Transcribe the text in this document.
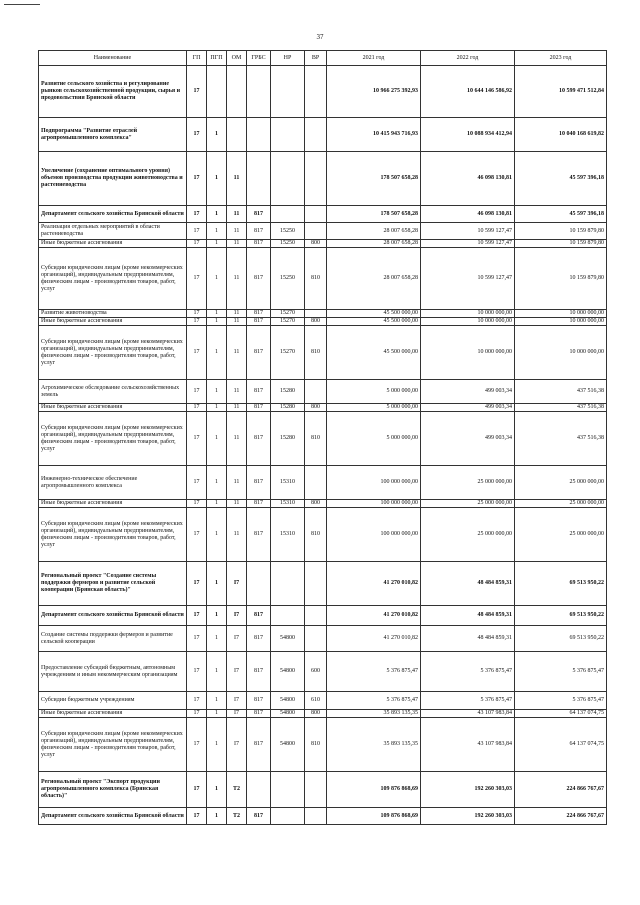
37
Наименование	ГП	ПГП	ОМ	ГРБС	НР	ВР	2021 год	2022 год	2023 год
Развитие сельского хозяйства и регулирование рынков сельскохозяйственной продукции, сырья и продовольствия Брянской области	17						10 966 275 392,93	10 644 146 586,92	10 599 471 512,84
Подпрограмма "Развитие отраслей агропромышленного комплекса"	17	1					10 415 943 716,93	10 088 934 412,94	10 040 168 619,82
Увеличение (сохранение оптимального уровня) объемов производства продукции животноводства и растениеводства	17	1	11				178 507 658,28	46 098 130,81	45 597 396,18
Департамент сельского хозяйства Брянской области	17	1	11	817			178 507 658,28	46 098 130,81	45 597 396,18
Реализация отдельных мероприятий в области растениеводства	17	1	11	817	15250		28 007 658,28	10 599 127,47	10 159 879,80
Иные бюджетные ассигнования	17	1	11	817	15250	800	28 007 658,28	10 599 127,47	10 159 879,80
Субсидии юридическим лицам (кроме некоммерческих организаций), индивидуальным предпринимателям, физическим лицам - производителям товаров, работ, услуг	17	1	11	817	15250	810	28 007 658,28	10 599 127,47	10 159 879,80
Развитие животноводства	17	1	11	817	15270		45 500 000,00	10 000 000,00	10 000 000,00
Иные бюджетные ассигнования	17	1	11	817	15270	800	45 500 000,00	10 000 000,00	10 000 000,00
Субсидии юридическим лицам (кроме некоммерческих организаций), индивидуальным предпринимателям, физическим лицам - производителям товаров, работ, услуг	17	1	11	817	15270	810	45 500 000,00	10 000 000,00	10 000 000,00
Агрохимическое обследование сельскохозяйственных земель	17	1	11	817	15280		5 000 000,00	499 003,34	437 516,38
Иные бюджетные ассигнования	17	1	11	817	15280	800	5 000 000,00	499 003,34	437 516,38
Субсидии юридическим лицам (кроме некоммерческих организаций), индивидуальным предпринимателям, физическим лицам - производителям товаров, работ, услуг	17	1	11	817	15280	810	5 000 000,00	499 003,34	437 516,38
Инженерно-техническое обеспечение агропромышленного комплекса	17	1	11	817	15310		100 000 000,00	25 000 000,00	25 000 000,00
Иные бюджетные ассигнования	17	1	11	817	15310	800	100 000 000,00	25 000 000,00	25 000 000,00
Субсидии юридическим лицам (кроме некоммерческих организаций), индивидуальным предпринимателям, физическим лицам - производителям товаров, работ, услуг	17	1	11	817	15310	810	100 000 000,00	25 000 000,00	25 000 000,00
Региональный проект "Создание системы поддержки фермеров и развитие сельской кооперации (Брянская область)"	17	1	I7				41 270 010,82	48 484 859,31	69 513 950,22
Департамент сельского хозяйства Брянской области	17	1	I7	817			41 270 010,82	48 484 859,31	69 513 950,22
Создание системы поддержки фермеров и развитие сельской кооперации	17	1	I7	817	54800		41 270 010,82	48 484 859,31	69 513 950,22
Предоставление субсидий бюджетным, автономным учреждениям и иным некоммерческим организациям	17	1	I7	817	54800	600	5 376 875,47	5 376 875,47	5 376 875,47
Субсидии бюджетным учреждениям	17	1	I7	817	54800	610	5 376 875,47	5 376 875,47	5 376 875,47
Иные бюджетные ассигнования	17	1	I7	817	54800	800	35 893 135,35	43 107 983,84	64 137 074,75
Субсидии юридическим лицам (кроме некоммерческих организаций), индивидуальным предпринимателям, физическим лицам - производителям товаров, работ, услуг	17	1	I7	817	54800	810	35 893 135,35	43 107 983,84	64 137 074,75
Региональный проект "Экспорт продукции агропромышленного комплекса (Брянская область)"	17	1	T2				109 876 868,69	192 260 303,03	224 866 767,67
Департамент сельского хозяйства Брянской области	17	1	T2	817			109 876 868,69	192 260 303,03	224 866 767,67
